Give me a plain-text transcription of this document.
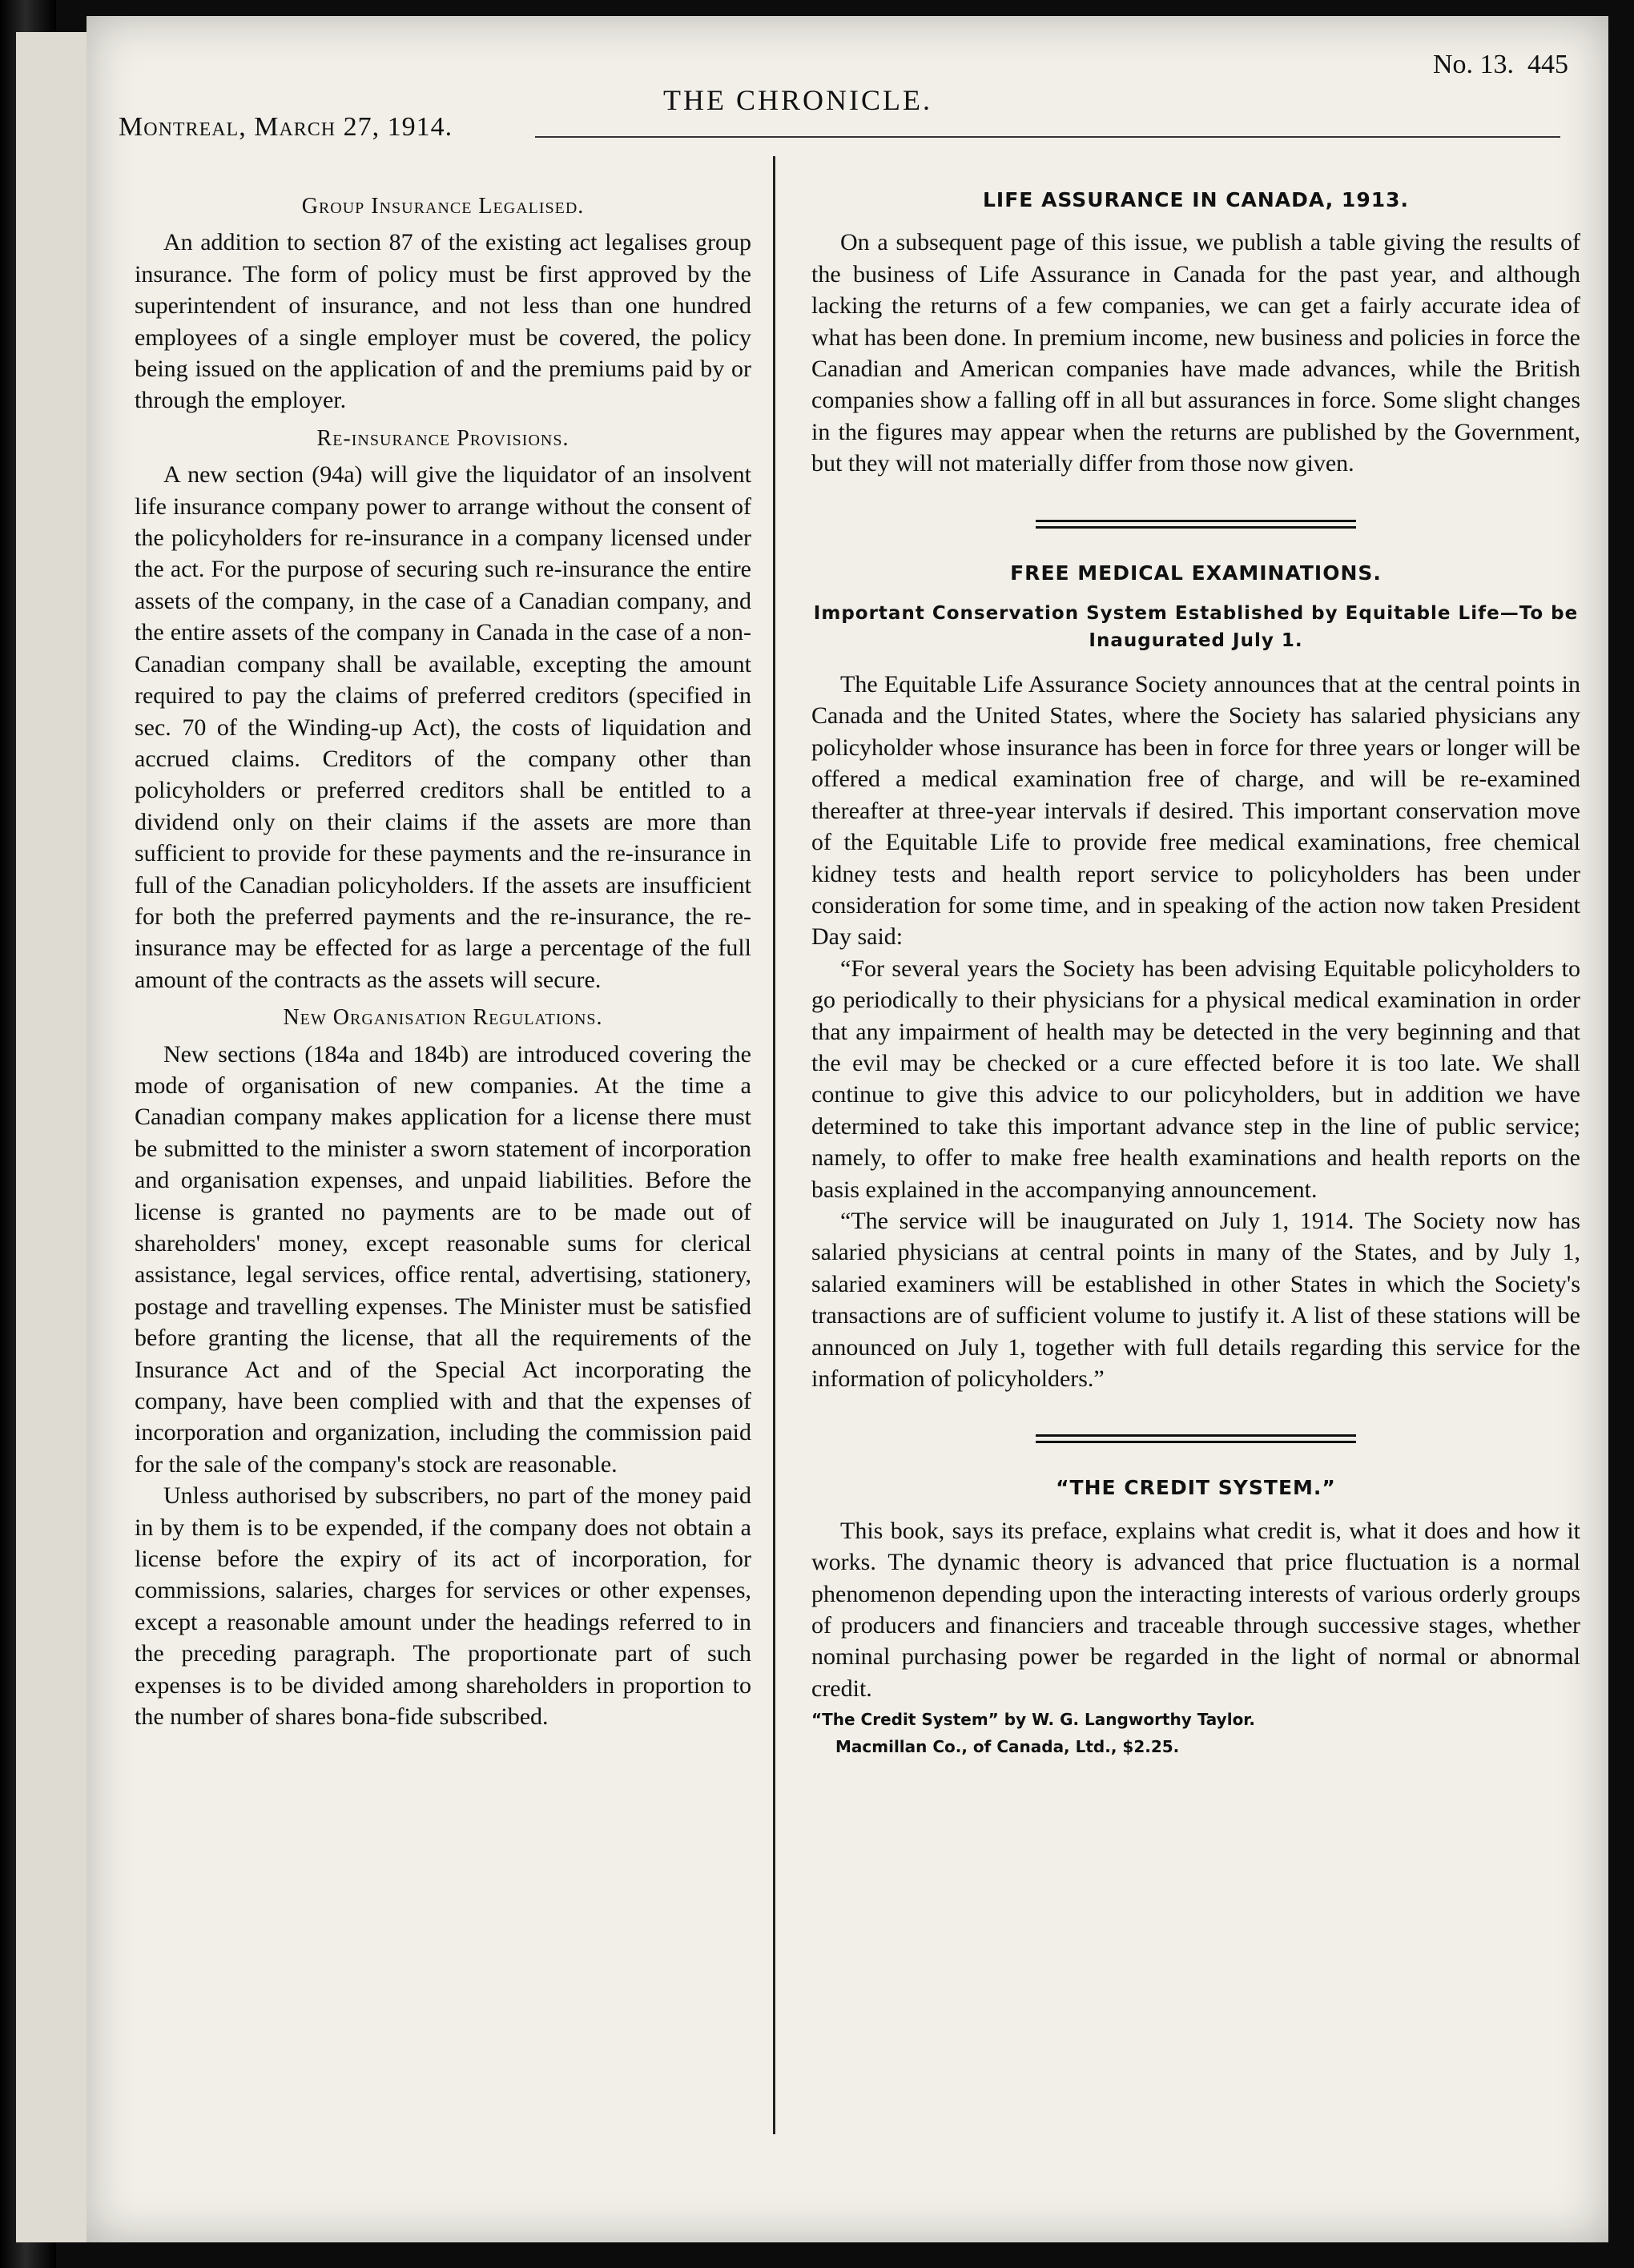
Montreal, March 27, 1914.
THE CHRONICLE.
No. 13. 445
Group Insurance Legalised.

An addition to section 87 of the existing act legalises group insurance. The form of policy must be first approved by the superintendent of insurance, and not less than one hundred employees of a single employer must be covered, the policy being issued on the application of and the premiums paid by or through the employer.

Re-insurance Provisions.

A new section (94a) will give the liquidator of an insolvent life insurance company power to arrange without the consent of the policyholders for re-insurance in a company licensed under the act. For the purpose of securing such re-insurance the entire assets of the company, in the case of a Canadian company, and the entire assets of the company in Canada in the case of a non-Canadian company shall be available, excepting the amount required to pay the claims of preferred creditors (specified in sec. 70 of the Winding-up Act), the costs of liquidation and accrued claims. Creditors of the company other than policyholders or preferred creditors shall be entitled to a dividend only on their claims if the assets are more than sufficient to provide for these payments and the re-insurance in full of the Canadian policyholders. If the assets are insufficient for both the preferred payments and the re-insurance, the re-insurance may be effected for as large a percentage of the full amount of the contracts as the assets will secure.

New Organisation Regulations.

New sections (184a and 184b) are introduced covering the mode of organisation of new companies. At the time a Canadian company makes application for a license there must be submitted to the minister a sworn statement of incorporation and organisation expenses, and unpaid liabilities. Before the license is granted no payments are to be made out of shareholders' money, except reasonable sums for clerical assistance, legal services, office rental, advertising, stationery, postage and travelling expenses. The Minister must be satisfied before granting the license, that all the requirements of the Insurance Act and of the Special Act incorporating the company, have been complied with and that the expenses of incorporation and organization, including the commission paid for the sale of the company's stock are reasonable.

Unless authorised by subscribers, no part of the money paid in by them is to be expended, if the company does not obtain a license before the expiry of its act of incorporation, for commissions, salaries, charges for services or other expenses, except a reasonable amount under the headings referred to in the preceding paragraph. The proportionate part of such expenses is to be divided among shareholders in proportion to the number of shares bona-fide subscribed.

LIFE ASSURANCE IN CANADA, 1913.

On a subsequent page of this issue, we publish a table giving the results of the business of Life Assurance in Canada for the past year, and although lacking the returns of a few companies, we can get a fairly accurate idea of what has been done. In premium income, new business and policies in force the Canadian and American companies have made advances, while the British companies show a falling off in all but assurances in force. Some slight changes in the figures may appear when the returns are published by the Government, but they will not materially differ from those now given.

FREE MEDICAL EXAMINATIONS.
Important Conservation System Established by Equitable Life—To be Inaugurated July 1.

The Equitable Life Assurance Society announces that at the central points in Canada and the United States, where the Society has salaried physicians any policyholder whose insurance has been in force for three years or longer will be offered a medical examination free of charge, and will be re-examined thereafter at three-year intervals if desired. This important conservation move of the Equitable Life to provide free medical examinations, free chemical kidney tests and health report service to policyholders has been under consideration for some time, and in speaking of the action now taken President Day said:

“For several years the Society has been advising Equitable policyholders to go periodically to their physicians for a physical medical examination in order that any impairment of health may be detected in the very beginning and that the evil may be checked or a cure effected before it is too late. We shall continue to give this advice to our policyholders, but in addition we have determined to take this important advance step in the line of public service; namely, to offer to make free health examinations and health reports on the basis explained in the accompanying announcement.

“The service will be inaugurated on July 1, 1914. The Society now has salaried physicians at central points in many of the States, and by July 1, salaried examiners will be established in other States in which the Society's transactions are of sufficient volume to justify it. A list of these stations will be announced on July 1, together with full details regarding this service for the information of policyholders.”

“THE CREDIT SYSTEM.”

This book, says its preface, explains what credit is, what it does and how it works. The dynamic theory is advanced that price fluctuation is a normal phenomenon depending upon the interacting interests of various orderly groups of producers and financiers and traceable through successive stages, whether nominal purchasing power be regarded in the light of normal or abnormal credit.

“The Credit System” by W. G. Langworthy Taylor.
Macmillan Co., of Canada, Ltd., $2.25.
